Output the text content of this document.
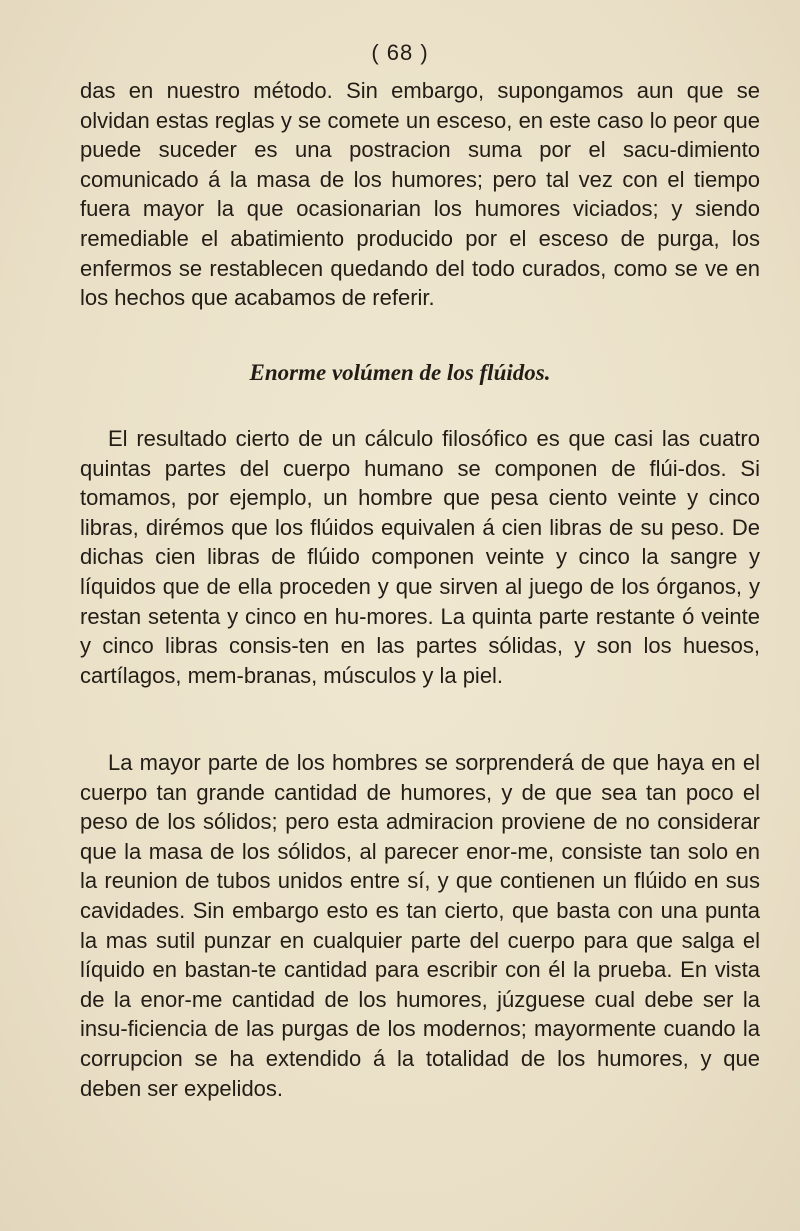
( 68 )

das en nuestro método. Sin embargo, supongamos aun que se olvidan estas reglas y se comete un esceso, en este caso lo peor que puede suceder es una postracion suma por el sacu-dimiento comunicado á la masa de los humores; pero tal vez con el tiempo fuera mayor la que ocasionarian los humores viciados; y siendo remediable el abatimiento producido por el esceso de purga, los enfermos se restablecen quedando del todo curados, como se ve en los hechos que acabamos de referir.

Enorme volúmen de los flúidos.

El resultado cierto de un cálculo filosófico es que casi las cuatro quintas partes del cuerpo humano se componen de flúi-dos. Si tomamos, por ejemplo, un hombre que pesa ciento veinte y cinco libras, dirémos que los flúidos equivalen á cien libras de su peso. De dichas cien libras de flúido componen veinte y cinco la sangre y líquidos que de ella proceden y que sirven al juego de los órganos, y restan setenta y cinco en hu-mores. La quinta parte restante ó veinte y cinco libras consis-ten en las partes sólidas, y son los huesos, cartílagos, mem-branas, músculos y la piel.

La mayor parte de los hombres se sorprenderá de que haya en el cuerpo tan grande cantidad de humores, y de que sea tan poco el peso de los sólidos; pero esta admiracion proviene de no considerar que la masa de los sólidos, al parecer enor-me, consiste tan solo en la reunion de tubos unidos entre sí, y que contienen un flúido en sus cavidades. Sin embargo esto es tan cierto, que basta con una punta la mas sutil punzar en cualquier parte del cuerpo para que salga el líquido en bastan-te cantidad para escribir con él la prueba. En vista de la enor-me cantidad de los humores, júzguese cual debe ser la insu-ficiencia de las purgas de los modernos; mayormente cuando la corrupcion se ha extendido á la totalidad de los humores, y que deben ser expelidos.
